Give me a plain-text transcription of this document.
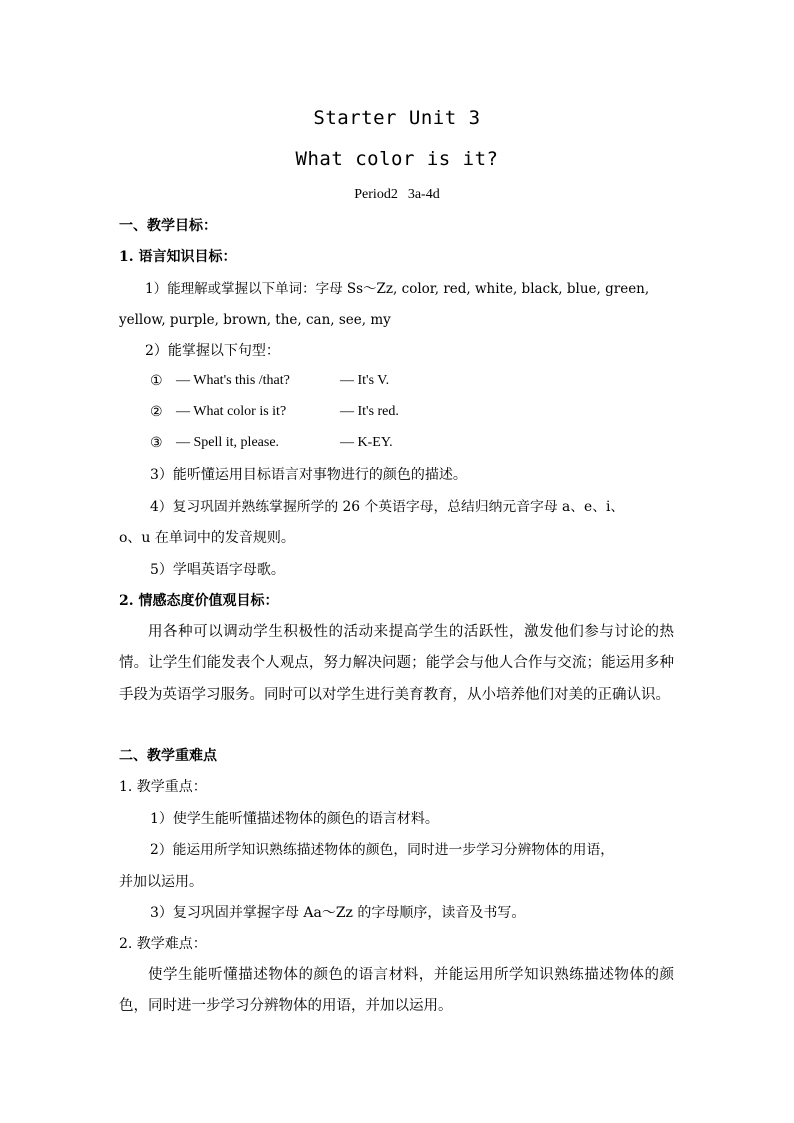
Starter Unit 3
What color is it?
Period2 3a-4d
一、教学目标：
1. 语言知识目标：
1）能理解或掌握以下单词：字母 Ss～Zz, color, red, white, black, blue, green,
yellow, purple, brown, the, can, see, my
2）能掌握以下句型：
① — What's this /that?	— It's V.
② — What color is it?	— It's red.
③ — Spell it, please.	— K-EY.
3）能听懂运用目标语言对事物进行的颜色的描述。
4）复习巩固并熟练掌握所学的 26 个英语字母，总结归纳元音字母 a、e、i、
o、u 在单词中的发音规则。
5）学唱英语字母歌。
2. 情感态度价值观目标：
用各种可以调动学生积极性的活动来提高学生的活跃性，激发他们参与讨论的热情。让学生们能发表个人观点，努力解决问题；能学会与他人合作与交流；能运用多种手段为英语学习服务。同时可以对学生进行美育教育，从小培养他们对美的正确认识。
二、教学重难点
1. 教学重点：
1）使学生能听懂描述物体的颜色的语言材料。
2）能运用所学知识熟练描述物体的颜色，同时进一步学习分辨物体的用语，
并加以运用。
3）复习巩固并掌握字母 Aa～Zz 的字母顺序，读音及书写。
2. 教学难点：
使学生能听懂描述物体的颜色的语言材料，并能运用所学知识熟练描述物体的颜色，同时进一步学习分辨物体的用语，并加以运用。
